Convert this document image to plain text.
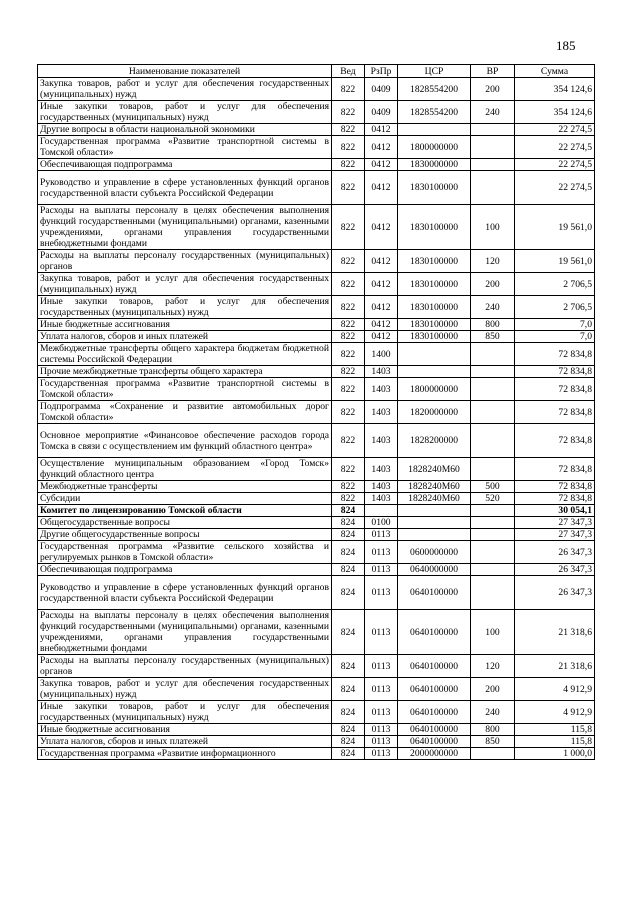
185
Наименование показателей	Вед	РзПр	ЦСР	ВР	Сумма
Закупка товаров, работ и услуг для обеспечения государственных (муниципальных) нужд	822	0409	1828554200	200	354 124,6
Иные закупки товаров, работ и услуг для обеспечения государственных (муниципальных) нужд	822	0409	1828554200	240	354 124,6
Другие вопросы в области национальной экономики	822	0412			22 274,5
Государственная программа «Развитие транспортной системы в Томской области»	822	0412	1800000000		22 274,5
Обеспечивающая подпрограмма	822	0412	1830000000		22 274,5
Руководство и управление в сфере установленных функций органов государственной власти субъекта Российской Федерации	822	0412	1830100000		22 274,5
Расходы на выплаты персоналу в целях обеспечения выполнения функций государственными (муниципальными) органами, казенными учреждениями, органами управления государственными внебюджетными фондами	822	0412	1830100000	100	19 561,0
Расходы на выплаты персоналу государственных (муниципальных) органов	822	0412	1830100000	120	19 561,0
Закупка товаров, работ и услуг для обеспечения государственных (муниципальных) нужд	822	0412	1830100000	200	2 706,5
Иные закупки товаров, работ и услуг для обеспечения государственных (муниципальных) нужд	822	0412	1830100000	240	2 706,5
Иные бюджетные ассигнования	822	0412	1830100000	800	7,0
Уплата налогов, сборов и иных платежей	822	0412	1830100000	850	7,0
Межбюджетные трансферты общего характера бюджетам бюджетной системы Российской Федерации	822	1400			72 834,8
Прочие межбюджетные трансферты общего характера	822	1403			72 834,8
Государственная программа «Развитие транспортной системы в Томской области»	822	1403	1800000000		72 834,8
Подпрограмма «Сохранение и развитие автомобильных дорог Томской области»	822	1403	1820000000		72 834,8
Основное мероприятие «Финансовое обеспечение расходов города Томска в связи с осуществлением им функций областного центра»	822	1403	1828200000		72 834,8
Осуществление муниципальным образованием «Город Томск» функций областного центра	822	1403	1828240М60		72 834,8
Межбюджетные трансферты	822	1403	1828240М60	500	72 834,8
Субсидии	822	1403	1828240М60	520	72 834,8
Комитет по лицензированию Томской области	824				30 054,1
Общегосударственные вопросы	824	0100			27 347,3
Другие общегосударственные вопросы	824	0113			27 347,3
Государственная программа «Развитие сельского хозяйства и регулируемых рынков в Томской области»	824	0113	0600000000		26 347,3
Обеспечивающая подпрограмма	824	0113	0640000000		26 347,3
Руководство и управление в сфере установленных функций органов государственной власти субъекта Российской Федерации	824	0113	0640100000		26 347,3
Расходы на выплаты персоналу в целях обеспечения выполнения функций государственными (муниципальными) органами, казенными учреждениями, органами управления государственными внебюджетными фондами	824	0113	0640100000	100	21 318,6
Расходы на выплаты персоналу государственных (муниципальных) органов	824	0113	0640100000	120	21 318,6
Закупка товаров, работ и услуг для обеспечения государственных (муниципальных) нужд	824	0113	0640100000	200	4 912,9
Иные закупки товаров, работ и услуг для обеспечения государственных (муниципальных) нужд	824	0113	0640100000	240	4 912,9
Иные бюджетные ассигнования	824	0113	0640100000	800	115,8
Уплата налогов, сборов и иных платежей	824	0113	0640100000	850	115,8
Государственная программа «Развитие информационного	824	0113	2000000000		1 000,0
